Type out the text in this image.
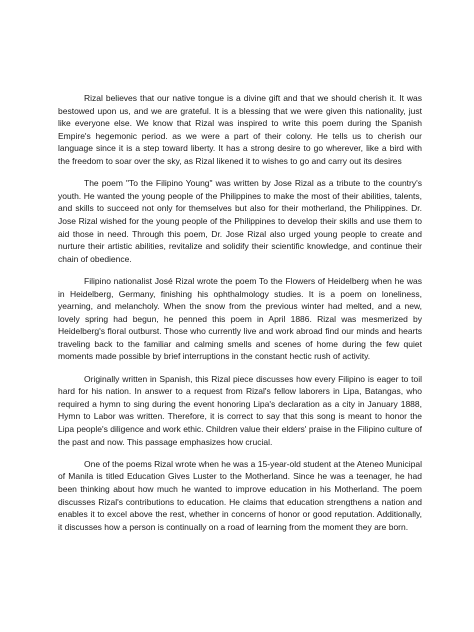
Rizal believes that our native tongue is a divine gift and that we should cherish it. It was bestowed upon us, and we are grateful. It is a blessing that we were given this nationality, just like everyone else. We know that Rizal was inspired to write this poem during the Spanish Empire's hegemonic period. as we were a part of their colony. He tells us to cherish our language since it is a step toward liberty. It has a strong desire to go wherever, like a bird with the freedom to soar over the sky, as Rizal likened it to wishes to go and carry out its desires

The poem "To the Filipino Young" was written by Jose Rizal as a tribute to the country's youth. He wanted the young people of the Philippines to make the most of their abilities, talents, and skills to succeed not only for themselves but also for their motherland, the Philippines. Dr. Jose Rizal wished for the young people of the Philippines to develop their skills and use them to aid those in need. Through this poem, Dr. Jose Rizal also urged young people to create and nurture their artistic abilities, revitalize and solidify their scientific knowledge, and continue their chain of obedience.

Filipino nationalist José Rizal wrote the poem To the Flowers of Heidelberg when he was in Heidelberg, Germany, finishing his ophthalmology studies. It is a poem on loneliness, yearning, and melancholy. When the snow from the previous winter had melted, and a new, lovely spring had begun, he penned this poem in April 1886. Rizal was mesmerized by Heidelberg's floral outburst. Those who currently live and work abroad find our minds and hearts traveling back to the familiar and calming smells and scenes of home during the few quiet moments made possible by brief interruptions in the constant hectic rush of activity.

Originally written in Spanish, this Rizal piece discusses how every Filipino is eager to toil hard for his nation. In answer to a request from Rizal's fellow laborers in Lipa, Batangas, who required a hymn to sing during the event honoring Lipa's declaration as a city in January 1888, Hymn to Labor was written. Therefore, it is correct to say that this song is meant to honor the Lipa people's diligence and work ethic. Children value their elders' praise in the Filipino culture of the past and now. This passage emphasizes how crucial.

One of the poems Rizal wrote when he was a 15-year-old student at the Ateneo Municipal of Manila is titled Education Gives Luster to the Motherland. Since he was a teenager, he had been thinking about how much he wanted to improve education in his Motherland. The poem discusses Rizal's contributions to education. He claims that education strengthens a nation and enables it to excel above the rest, whether in concerns of honor or good reputation. Additionally, it discusses how a person is continually on a road of learning from the moment they are born.
